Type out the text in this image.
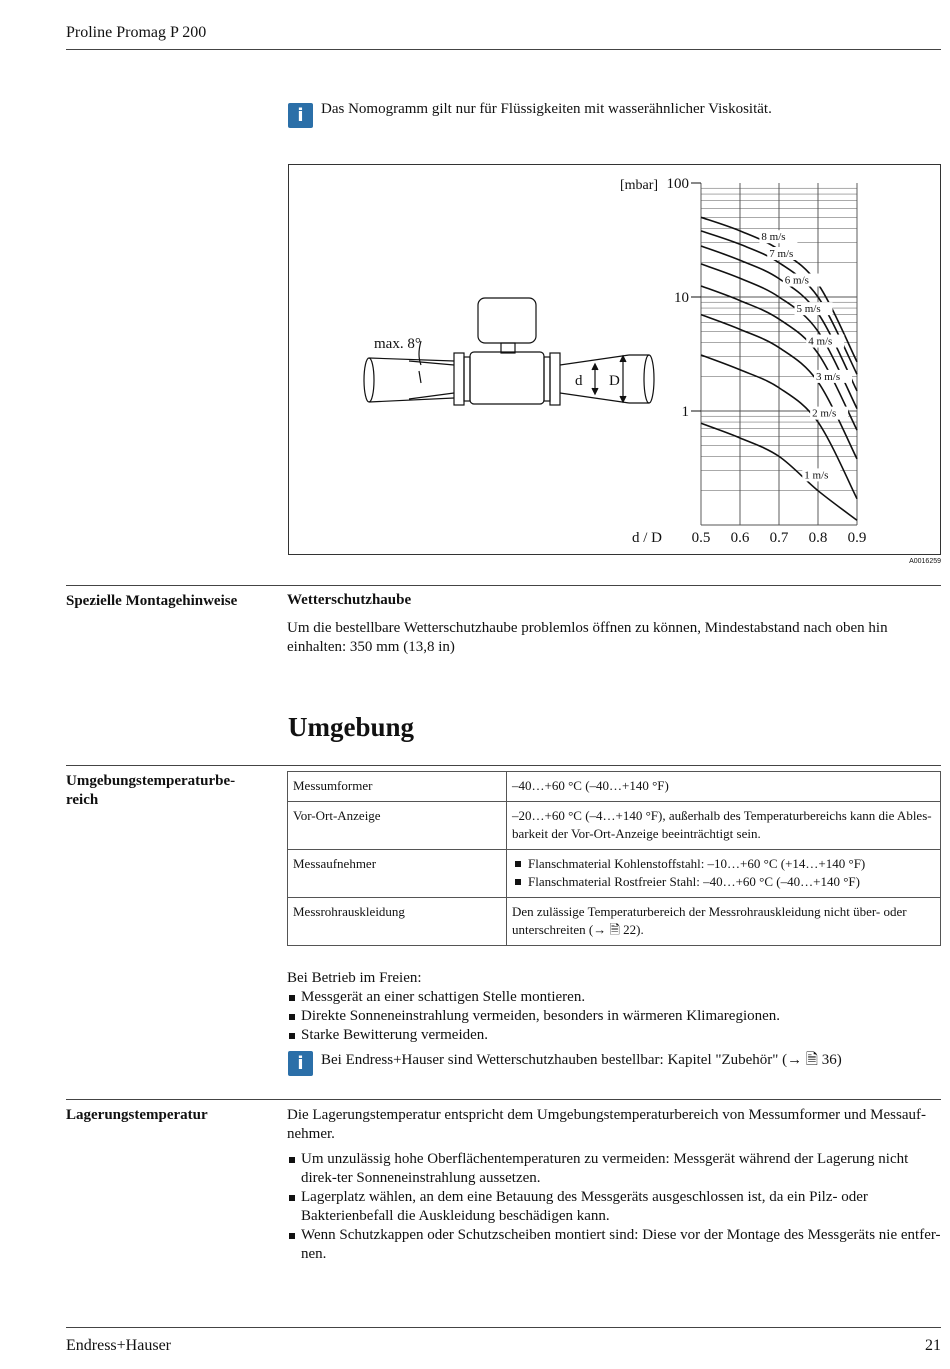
Proline Promag P 200
i Das Nomogramm gilt nur für Flüssigkeiten mit wasserähnlicher Viskosität.
max. 8°
d D
100
10
1
0.5 0.6 0.7 0.8 0.9
8 m/s
7 m/s
6 m/s
5 m/s
4 m/s
3 m/s
2 m/s
1 m/s
[mbar]
d / D
A0016259
Spezielle Montagehinweise	Wetterschutzhaube
Um die bestellbare Wetterschutzhaube problemlos öffnen zu können, Mindestabstand nach oben hin einhalten: 350 mm (13,8 in)
Umgebung
Umgebungstemperaturbe-
reich
Messumformer	–40…+60 °C (–40…+140 °F)
Vor-Ort-Anzeige	–20…+60 °C (–4…+140 °F), außerhalb des Temperaturbereichs kann die Ables-barkeit der Vor-Ort-Anzeige beeinträchtigt sein.
Messaufnehmer	Flanschmaterial Kohlenstoffstahl: –10…+60 °C (+14…+140 °F)
Flanschmaterial Rostfreier Stahl: –40…+60 °C (–40…+140 °F)

Messrohrauskleidung	Den zulässige Temperaturbereich der Messrohrauskleidung nicht über- oder unterschreiten (→ 🗎 22).
Bei Betrieb im Freien:
Messgerät an einer schattigen Stelle montieren.
Direkte Sonneneinstrahlung vermeiden, besonders in wärmeren Klimaregionen.
Starke Bewitterung vermeiden.
i Bei Endress+Hauser sind Wetterschutzhauben bestellbar: Kapitel "Zubehör" (→ 🗎 36)
Lagerungstemperatur	Die Lagerungstemperatur entspricht dem Umgebungstemperaturbereich von Messumformer und Messauf-nehmer.
Um unzulässig hohe Oberflächentemperaturen zu vermeiden: Messgerät während der Lagerung nicht direk-ter Sonneneinstrahlung aussetzen.
Lagerplatz wählen, an dem eine Betauung des Messgeräts ausgeschlossen ist, da ein Pilz- oder Bakterienbefall die Auskleidung beschädigen kann.
Wenn Schutzkappen oder Schutzscheiben montiert sind: Diese vor der Montage des Messgeräts nie entfer-nen.
Endress+Hauser	21
